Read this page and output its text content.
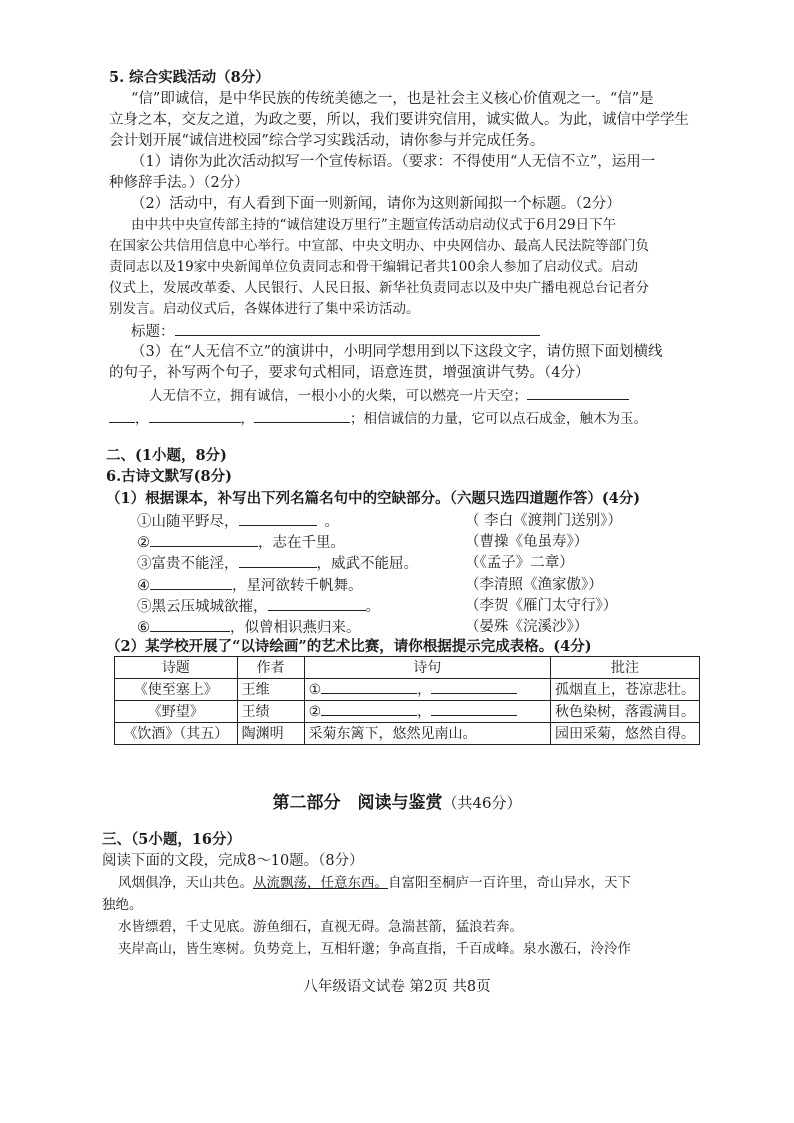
5. 综合实践活动（8分）
“信”即诚信，是中华民族的传统美德之一，也是社会主义核心价值观之一。“信”是
立身之本，交友之道，为政之要，所以，我们要讲究信用，诚实做人。为此，诚信中学学生
会计划开展“诚信进校园”综合学习实践活动，请你参与并完成任务。
（1）请你为此次活动拟写一个宣传标语。（要求：不得使用“人无信不立”，运用一
种修辞手法。）（2分）
（2）活动中，有人看到下面一则新闻，请你为这则新闻拟一个标题。（2分）
由中共中央宣传部主持的“诚信建设万里行”主题宣传活动启动仪式于6月29日下午
在国家公共信用信息中心举行。中宣部、中央文明办、中央网信办、最高人民法院等部门负
责同志以及19家中央新闻单位负责同志和骨干编辑记者共100余人参加了启动仪式。启动
仪式上，发展改革委、人民银行、人民日报、新华社负责同志以及中央广播电视总台记者分
别发言。启动仪式后，各媒体进行了集中采访活动。
标题：
（3）在“人无信不立”的演讲中，小明同学想用到以下这段文字，请仿照下面划横线
的句子，补写两个句子，要求句式相同，语意连贯，增强演讲气势。（4分）
人无信不立，拥有诚信，一根小小的火柴，可以燃亮一片天空；
，	，	；相信诚信的力量，它可以点石成金，触木为玉。
二、(1小题，8分)
6.古诗文默写(8分)
（1）根据课本，补写出下列名篇名句中的空缺部分。（六题只选四道题作答）(4分)
①山随平野尽，	。	（ 李白《渡荆门送别》）
②	，志在千里。	（曹操《龟虽寿》）
③富贵不能淫，	，威武不能屈。	（《孟子》二章）
④	，星河欲转千帆舞。	（李清照《渔家傲》）
⑤黑云压城城欲摧，	。	（李贺《雁门太守行》）
⑥	，似曾相识燕归来。	（晏殊《浣溪沙》）
（2）某学校开展了“以诗绘画”的艺术比赛，请你根据提示完成表格。(4分)
诗题	作者	诗句	批注
《使至塞上》	王维	① ，	孤烟直上，苍凉悲壮。
《野望》	王绩	② ，	秋色染树，落霞满目。
《饮酒》（其五）	陶渊明	采菊东篱下，悠然见南山。	园田采菊，悠然自得。
第二部分　阅读与鉴赏（共46分）
三、（5小题，16分）
阅读下面的文段，完成8～10题。（8分）
风烟俱净，天山共色。从流飘荡，任意东西。自富阳至桐庐一百许里，奇山异水，天下
独绝。
水皆缥碧，千丈见底。游鱼细石，直视无碍。急湍甚箭，猛浪若奔。
夹岸高山，皆生寒树。负势竞上，互相轩邈；争高直指，千百成峰。泉水激石，泠泠作
八年级语文试卷 第2页 共8页
